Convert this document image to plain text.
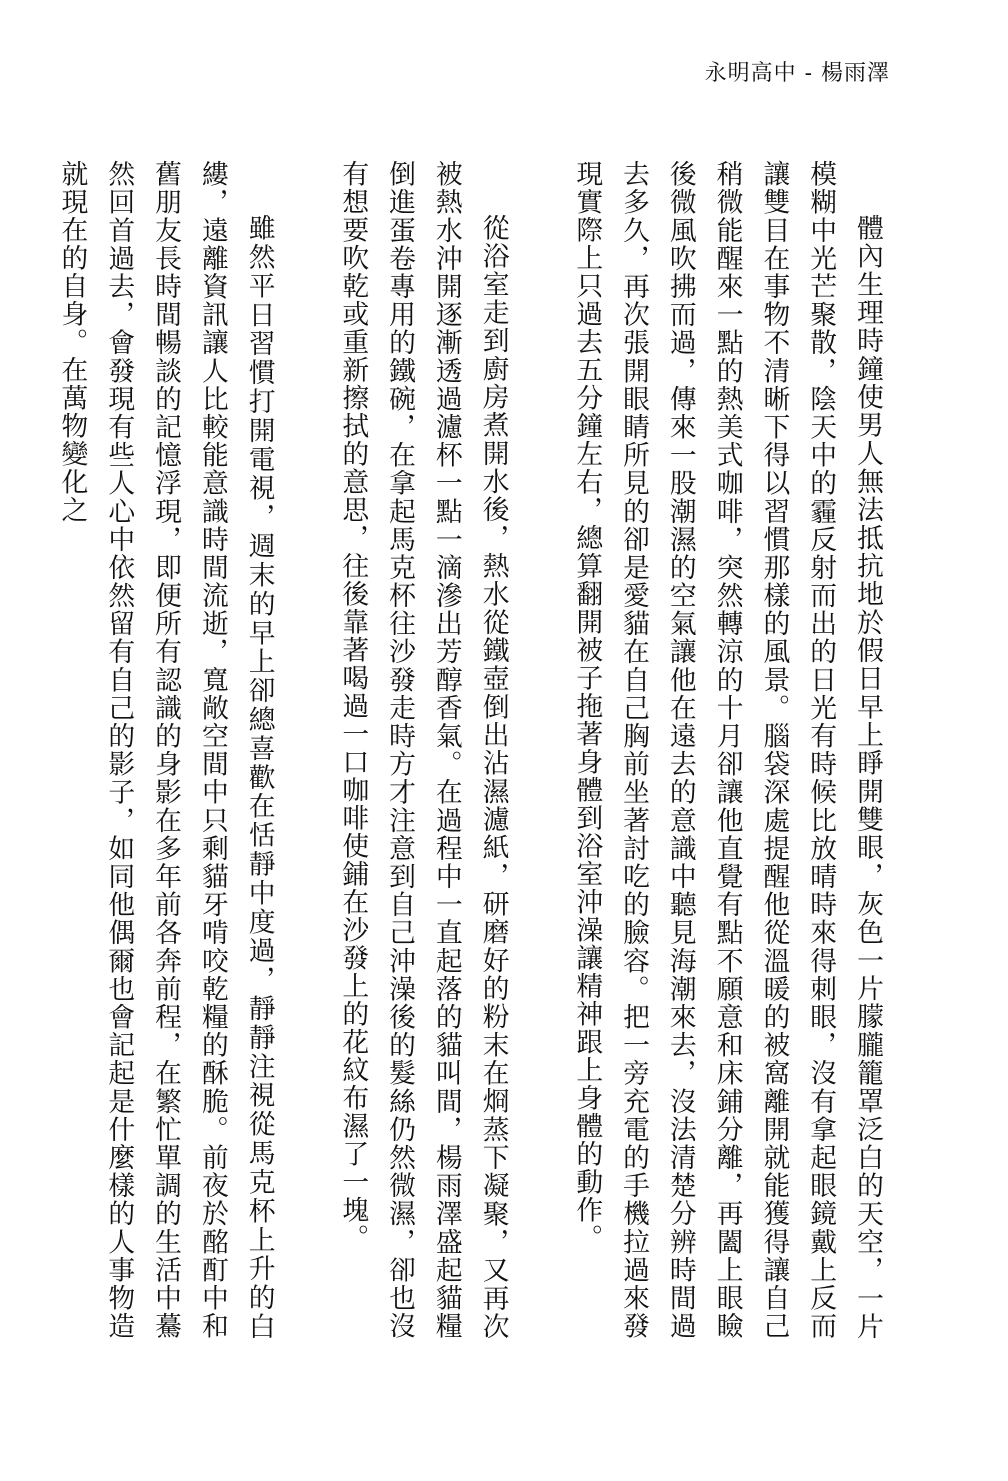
永明高中 - 楊雨澤

體內生理時鐘使男人無法抵抗地於假日早上睜開雙眼，灰色一片朦朧籠罩泛白的天空，一片模糊中光芒聚散，陰天中的霾反射而出的日光有時候比放晴時來得刺眼，沒有拿起眼鏡戴上反而讓雙目在事物不清晰下得以習慣那樣的風景。腦袋深處提醒他從溫暖的被窩離開就能獲得讓自己稍微能醒來一點的熱美式咖啡，突然轉涼的十月卻讓他直覺有點不願意和床鋪分離，再闔上眼瞼後微風吹拂而過，傳來一股潮濕的空氣讓他在遠去的意識中聽見海潮來去，沒法清楚分辨時間過去多久，再次張開眼睛所見的卻是愛貓在自己胸前坐著討吃的臉容。把一旁充電的手機拉過來發現實際上只過去五分鐘左右，總算翻開被子拖著身體到浴室沖澡讓精神跟上身體的動作。

從浴室走到廚房煮開水後，熱水從鐵壺倒出沾濕濾紙，研磨好的粉末在烱蒸下凝聚，又再次被熱水沖開逐漸透過濾杯一點一滴滲出芳醇香氣。在過程中一直起落的貓叫間，楊雨澤盛起貓糧倒進蛋卷專用的鐵碗，在拿起馬克杯往沙發走時方才注意到自己沖澡後的髮絲仍然微濕，卻也沒有想要吹乾或重新擦拭的意思，往後靠著喝過一口咖啡使鋪在沙發上的花紋布濕了一塊。

雖然平日習慣打開電視，週末的早上卻總喜歡在恬靜中度過，靜靜注視從馬克杯上升的白縷，遠離資訊讓人比較能意識時間流逝，寬敞空間中只剩貓牙啃咬乾糧的酥脆。前夜於酩酊中和舊朋友長時間暢談的記憶浮現，即便所有認識的身影在多年前各奔前程，在繁忙單調的生活中驀然回首過去，會發現有些人心中依然留有自己的影子，如同他偶爾也會記起是什麼樣的人事物造就現在的自身。在萬物變化之
